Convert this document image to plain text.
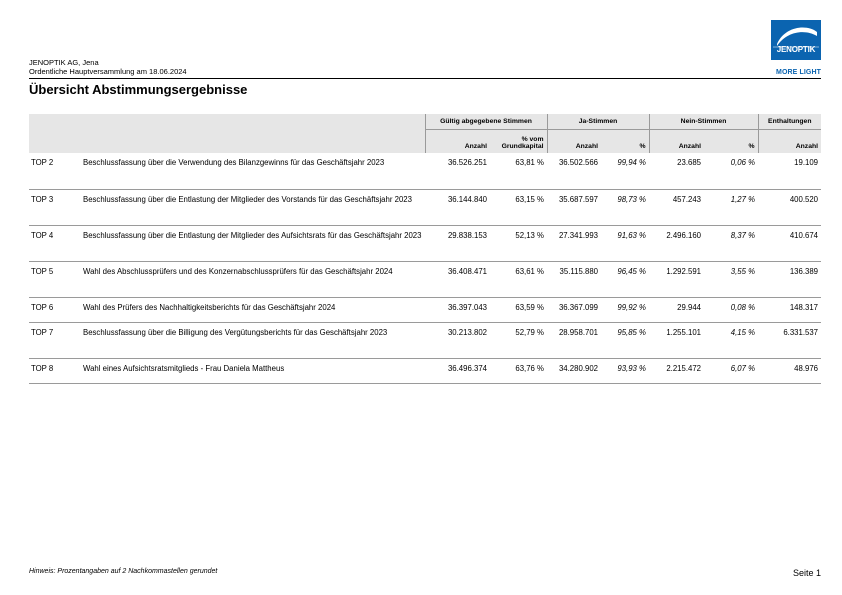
JENOPTIK AG, Jena
Ordentliche Hauptversammlung am 18.06.2024
JENOPTIK
MORE LIGHT
Übersicht Abstimmungsergebnisse
		Gültig abgegebene Stimmen		Ja-Stimmen		Nein-Stimmen		Enthaltungen
		Anzahl	% vom Grundkapital	Anzahl	%	Anzahl	%	Anzahl
TOP 2	Beschlussfassung über die Verwendung des Bilanzgewinns für das Geschäftsjahr 2023	36.526.251	63,81 %	36.502.566	99,94 %	23.685	0,06 %	19.109
TOP 3	Beschlussfassung über die Entlastung der Mitglieder des Vorstands für das Geschäftsjahr 2023	36.144.840	63,15 %	35.687.597	98,73 %	457.243	1,27 %	400.520
TOP 4	Beschlussfassung über die Entlastung der Mitglieder des Aufsichtsrats für das Geschäftsjahr 2023	29.838.153	52,13 %	27.341.993	91,63 %	2.496.160	8,37 %	410.674
TOP 5	Wahl des Abschlussprüfers und des Konzernabschlussprüfers für das Geschäftsjahr 2024	36.408.471	63,61 %	35.115.880	96,45 %	1.292.591	3,55 %	136.389
TOP 6	Wahl des Prüfers des Nachhaltigkeitsberichts für das Geschäftsjahr 2024	36.397.043	63,59 %	36.367.099	99,92 %	29.944	0,08 %	148.317
TOP 7	Beschlussfassung über die Billigung des Vergütungsberichts für das Geschäftsjahr 2023	30.213.802	52,79 %	28.958.701	95,85 %	1.255.101	4,15 %	6.331.537
TOP 8	Wahl eines Aufsichtsratsmitglieds - Frau Daniela Mattheus	36.496.374	63,76 %	34.280.902	93,93 %	2.215.472	6,07 %	48.976
Hinweis: Prozentangaben auf 2 Nachkommastellen gerundet	Seite 1
